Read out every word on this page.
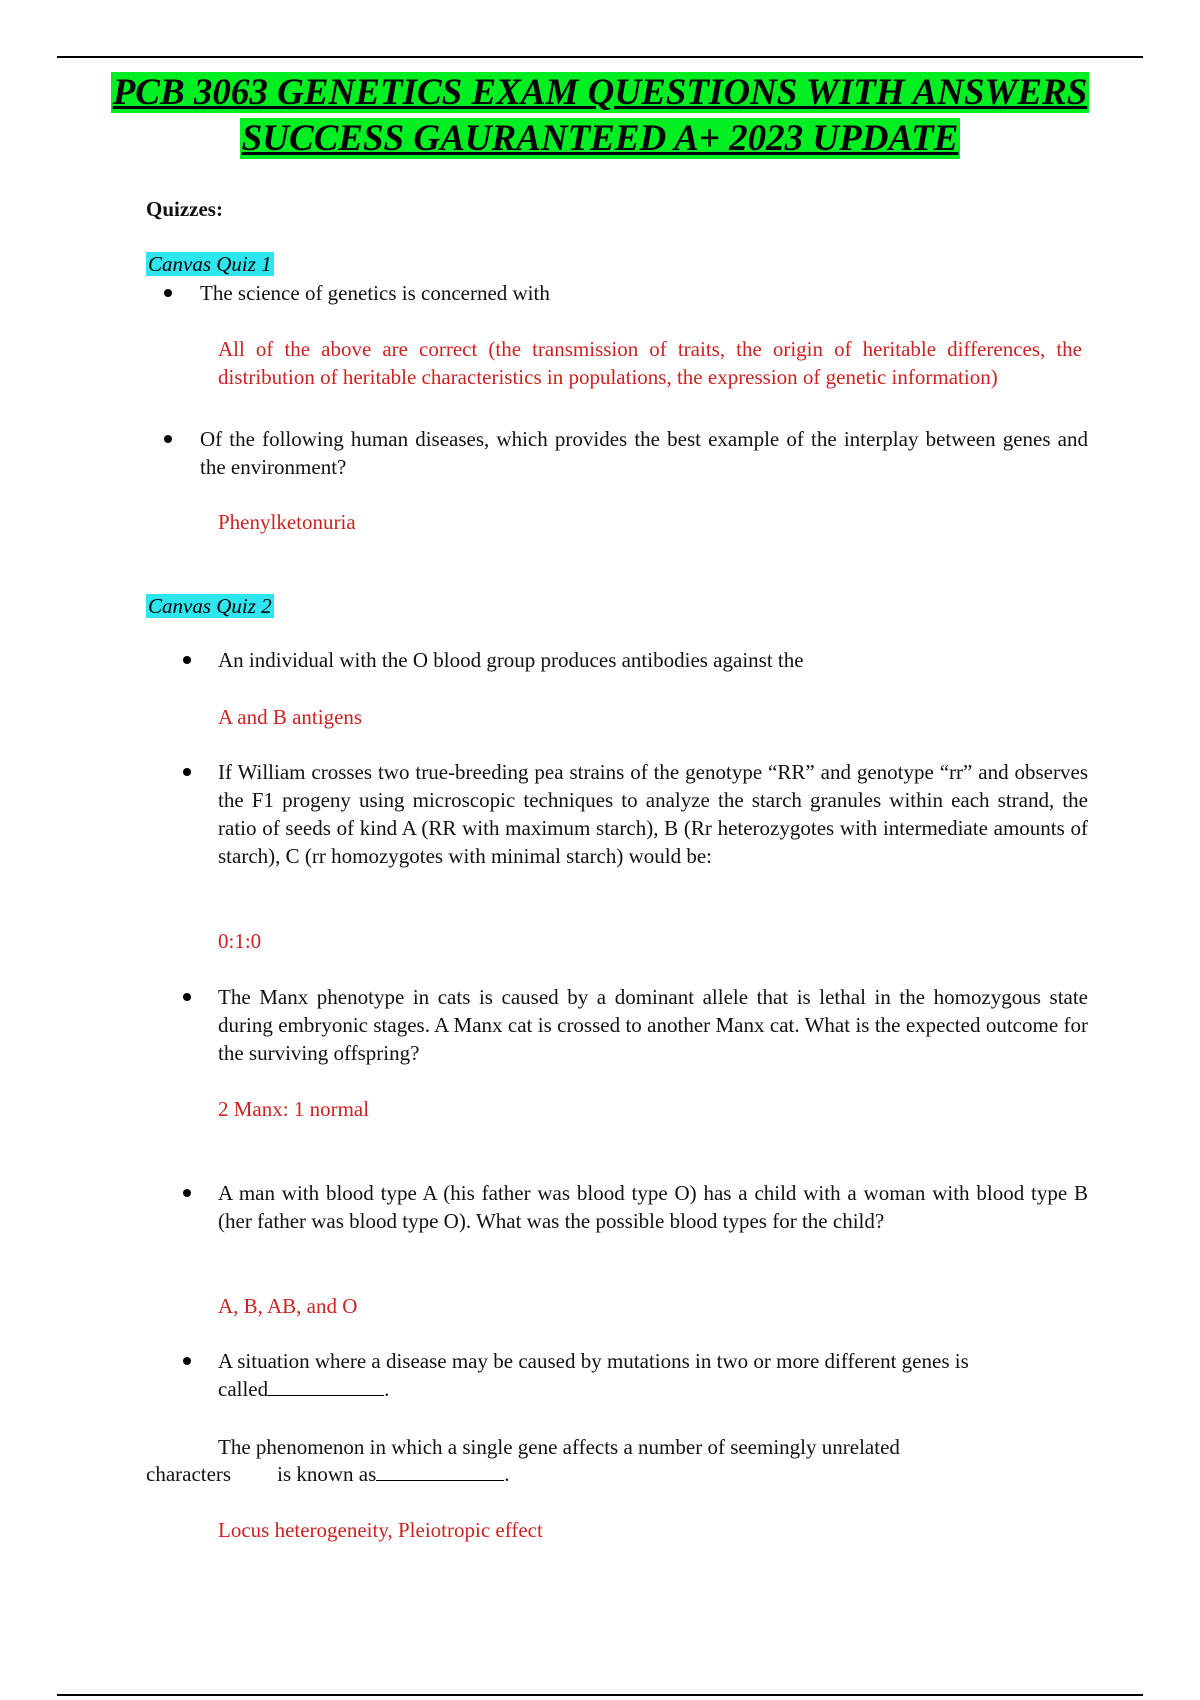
PCB 3063 GENETICS EXAM QUESTIONS WITH ANSWERS
SUCCESS GAURANTEED A+ 2023 UPDATE
Quizzes:
Canvas Quiz 1
The science of genetics is concerned with
All of the above are correct (the transmission of traits, the origin of heritable differences, the distribution of heritable characteristics in populations, the expression of genetic information)
Of the following human diseases, which provides the best example of the interplay between genes and the environment?
Phenylketonuria
Canvas Quiz 2
An individual with the O blood group produces antibodies against the
A and B antigens
If William crosses two true-breeding pea strains of the genotype “RR” and genotype “rr” and observes the F1 progeny using microscopic techniques to analyze the starch granules within each strand, the ratio of seeds of kind A (RR with maximum starch), B (Rr heterozygotes with intermediate amounts of starch), C (rr homozygotes with minimal starch) would be:
0:1:0
The Manx phenotype in cats is caused by a dominant allele that is lethal in the homozygous state during embryonic stages. A Manx cat is crossed to another Manx cat. What is the expected outcome for the surviving offspring?
2 Manx: 1 normal
A man with blood type A (his father was blood type O) has a child with a woman with blood type B (her father was blood type O). What was the possible blood types for the child?
A, B, AB, and O
A situation where a disease may be caused by mutations in two or more different genes is
called	.
The phenomenon in which a single gene affects a number of seemingly unrelated
characters is known as	.
Locus heterogeneity, Pleiotropic effect
